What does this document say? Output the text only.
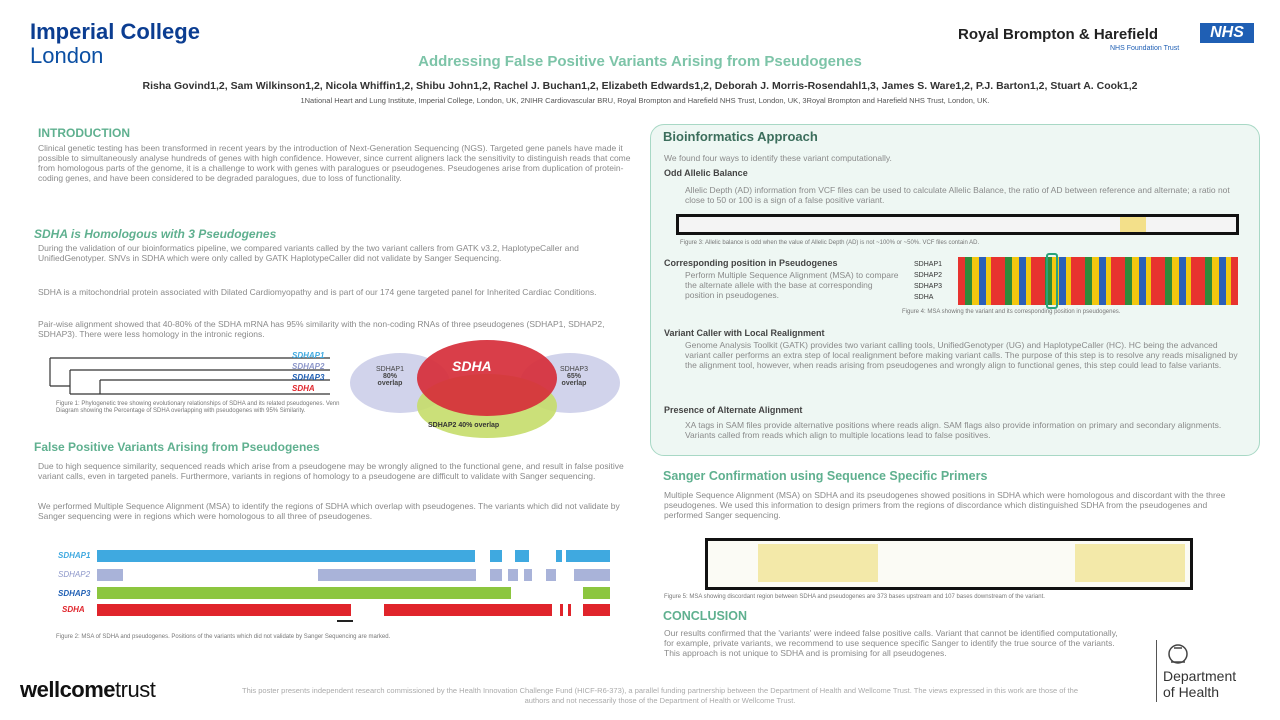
Imperial College
London
Royal Brompton & Harefield	NHS
NHS Foundation Trust
Addressing False Positive Variants Arising from Pseudogenes
Risha Govind1,2, Sam Wilkinson1,2, Nicola Whiffin1,2, Shibu John1,2, Rachel J. Buchan1,2, Elizabeth Edwards1,2, Deborah J. Morris-Rosendahl1,3, James S. Ware1,2, P.J. Barton1,2, Stuart A. Cook1,2
1National Heart and Lung Institute, Imperial College, London, UK, 2NIHR Cardiovascular BRU, Royal Brompton and Harefield NHS Trust, London, UK, 3Royal Brompton and Harefield NHS Trust, London, UK.
INTRODUCTION
Clinical genetic testing has been transformed in recent years by the introduction of Next-Generation Sequencing (NGS). Targeted gene panels have made it possible to simultaneously analyse hundreds of genes with high confidence. However, since current aligners lack the sensitivity to distinguish reads that come from homologous parts of the genome, it is a challenge to work with genes with paralogues or pseudogenes. Pseudogenes arise from duplication of protein-coding genes, and have been considered to be degraded paralogues, due to loss of functionality.
SDHA is Homologous with 3 Pseudogenes
During the validation of our bioinformatics pipeline, we compared variants called by the two variant callers from GATK v3.2, HaplotypeCaller and UnifiedGenotyper. SNVs in SDHA which were only called by GATK HaplotypeCaller did not validate by Sanger Sequencing.
SDHA is a mitochondrial protein associated with Dilated Cardiomyopathy and is part of our 174 gene targeted panel for Inherited Cardiac Conditions.
Pair-wise alignment showed that 40-80% of the SDHA mRNA has 95% similarity with the non-coding RNAs of three pseudogenes (SDHAP1, SDHAP2, SDHAP3). There were less homology in the intronic regions.
SDHAP1
SDHAP2
SDHAP3
SDHA
Figure 1: Phylogenetic tree showing evolutionary relationships of SDHA and its related pseudogenes. Venn Diagram showing the Percentage of SDHA overlapping with pseudogenes with 95% Similarity.
SDHA
SDHAP1
80%
overlap
SDHAP3
65%
overlap
SDHAP2 40% overlap
False Positive Variants Arising from Pseudogenes
Due to high sequence similarity, sequenced reads which arise from a pseudogene may be wrongly aligned to the functional gene, and result in false positive variant calls, even in targeted panels. Furthermore, variants in regions of homology to a pseudogene are difficult to validate with Sanger sequencing.
We performed Multiple Sequence Alignment (MSA) to identify the regions of SDHA which overlap with pseudogenes. The variants which did not validate by Sanger sequencing were in regions which were homologous to all three of pseudogenes.
SDHAP1
SDHAP2
SDHAP3
SDHA
Figure 2: MSA of SDHA and pseudogenes. Positions of the variants which did not validate by Sanger Sequencing are marked.
Bioinformatics Approach
We found four ways to identify these variant computationally.
Odd Allelic Balance
Allelic Depth (AD) information from VCF files can be used to calculate Allelic Balance, the ratio of AD between reference and alternate; a ratio not close to 50 or 100 is a sign of a false positive variant.
Figure 3: Allelic balance is odd when the value of Allelic Depth (AD) is not ~100% or ~50%. VCF files contain AD.
Corresponding position in Pseudogenes
Perform Multiple Sequence Alignment (MSA) to compare the alternate allele with the base at corresponding position in pseudogenes.
SDHAP1
SDHAP2
SDHAP3
SDHA
Figure 4: MSA showing the variant and its corresponding position in pseudogenes.
Variant Caller with Local Realignment
Genome Analysis Toolkit (GATK) provides two variant calling tools, UnifiedGenotyper (UG) and HaplotypeCaller (HC). HC being the advanced variant caller performs an extra step of local realignment before making variant calls. The purpose of this step is to resolve any reads misaligned by the alignment tool, however, when reads arising from pseudogenes and wrongly align to functional genes, this step could lead to false variants.
Presence of Alternate Alignment
XA tags in SAM files provide alternative positions where reads align. SAM flags also provide information on primary and secondary alignments. Variants called from reads which align to multiple locations lead to false positives.
Sanger Confirmation using Sequence Specific Primers
Multiple Sequence Alignment (MSA) on SDHA and its pseudogenes showed positions in SDHA which were homologous and discordant with the three pseudogenes. We used this information to design primers from the regions of discordance which distinguished SDHA from the pseudogenes and performed Sanger sequencing.
Figure 5: MSA showing discordant region between SDHA and pseudogenes are 373 bases upstream and 107 bases downstream of the variant.
CONCLUSION
Our results confirmed that the 'variants' were indeed false positive calls. Variant that cannot be identified computationally, for example, private variants, we recommend to use sequence specific Sanger to identify the true source of the variants. This approach is not unique to SDHA and is promising for all pseudogenes.
wellcometrust	This poster presents independent research commissioned by the Health Innovation Challenge Fund (HICF-R6-373), a parallel funding partnership between the Department of Health and Wellcome Trust. The views expressed in this work are those of the authors and not necessarily those of the Department of Health or Wellcome Trust.
Department
of Health
